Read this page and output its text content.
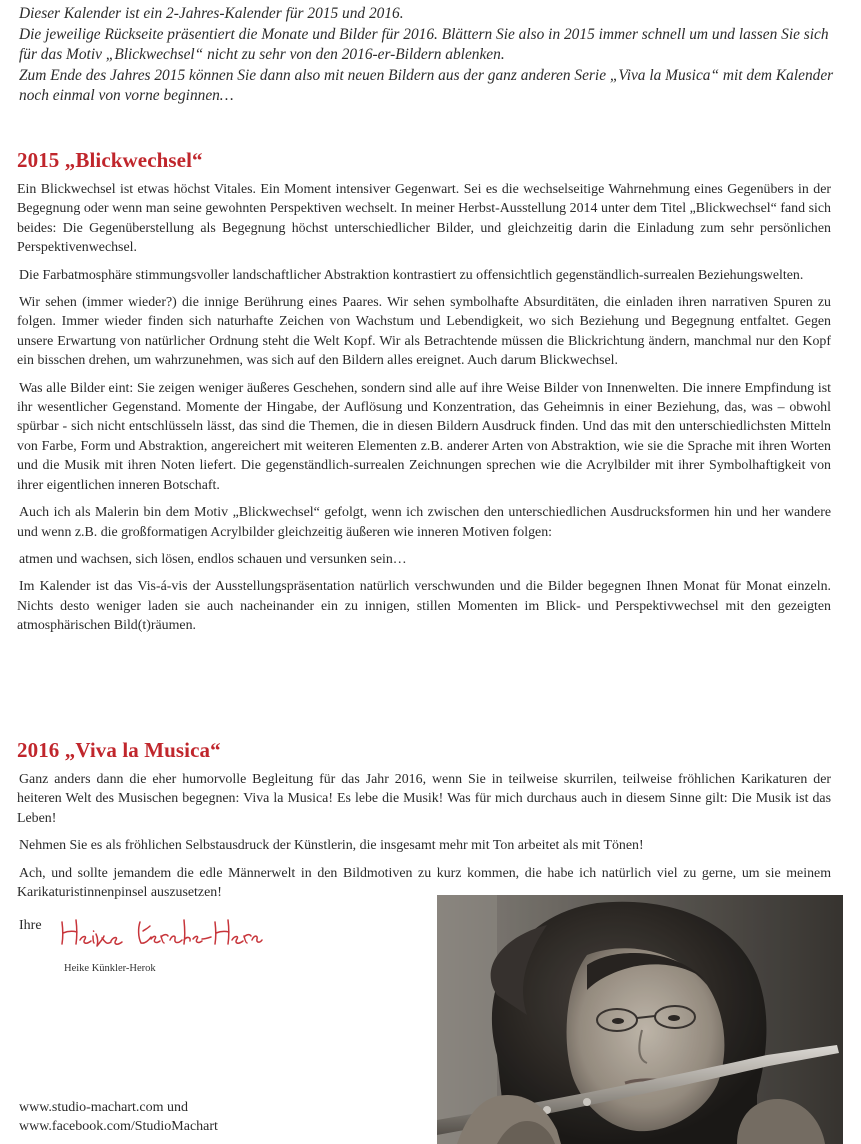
Dieser Kalender ist ein 2-Jahres-Kalender für 2015 und 2016.

Die jeweilige Rückseite präsentiert die Monate und Bilder für 2016. Blättern Sie also in 2015 immer schnell um und lassen Sie sich für das Motiv „Blickwechsel“ nicht zu sehr von den 2016-er-Bildern ablenken.

Zum Ende des Jahres 2015 können Sie dann also mit neuen Bildern aus der ganz anderen Serie „Viva la Musica“ mit dem Kalender noch einmal von vorne beginnen…

2015 „Blickwechsel“

Ein Blickwechsel ist etwas höchst Vitales. Ein Moment intensiver Gegenwart. Sei es die wechselseitige Wahrnehmung eines Gegenübers in der Begegnung oder wenn man seine gewohnten Perspektiven wechselt. In meiner Herbst-Ausstellung 2014 unter dem Titel „Blickwechsel“ fand sich beides: Die Gegenüberstellung als Begegnung höchst unterschiedlicher Bilder, und gleichzeitig darin die Einladung zum sehr persönlichen Perspektivenwechsel.

Die Farbatmosphäre stimmungsvoller landschaftlicher Abstraktion kontrastiert zu offensichtlich gegenständlich-surrealen Beziehungswelten.

Wir sehen (immer wieder?) die innige Berührung eines Paares. Wir sehen symbolhafte Absurditäten, die einladen ihren narrativen Spuren zu folgen. Immer wieder finden sich naturhafte Zeichen von Wachstum und Lebendigkeit, wo sich Beziehung und Begegnung entfaltet. Gegen unsere Erwartung von natürlicher Ordnung steht die Welt Kopf. Wir als Betrachtende müssen die Blickrichtung ändern, manchmal nur den Kopf ein bisschen drehen, um wahrzunehmen, was sich auf den Bildern alles ereignet. Auch darum Blickwechsel.

Was alle Bilder eint: Sie zeigen weniger äußeres Geschehen, sondern sind alle auf ihre Weise Bilder von Innenwelten. Die innere Empfindung ist ihr wesentlicher Gegenstand. Momente der Hingabe, der Auflösung und Konzentration, das Geheimnis in einer Beziehung, das, was – obwohl spürbar - sich nicht entschlüsseln lässt, das sind die Themen, die in diesen Bildern Ausdruck finden. Und das mit den unterschiedlichsten Mitteln von Farbe, Form und Abstraktion, angereichert mit weiteren Elementen z.B. anderer Arten von Abstraktion, wie sie die Sprache mit ihren Worten und die Musik mit ihren Noten liefert. Die gegenständlich-surrealen Zeichnungen sprechen wie die Acrylbilder mit ihrer Symbolhaftigkeit von ihrer eigentlichen inneren Botschaft.

Auch ich als Malerin bin dem Motiv „Blickwechsel“ gefolgt, wenn ich zwischen den unterschiedlichen Ausdrucksformen hin und her wandere und wenn z.B. die großformatigen Acrylbilder gleichzeitig äußeren wie inneren Motiven folgen:

atmen und wachsen, sich lösen, endlos schauen und versunken sein…

Im Kalender ist das Vis-á-vis der Ausstellungspräsentation natürlich verschwunden und die Bilder begegnen Ihnen Monat für Monat einzeln. Nichts desto weniger laden sie auch nacheinander ein zu innigen, stillen Momenten im Blick- und Perspektivwechsel mit den gezeigten atmosphärischen Bild(t)räumen.

2016 „Viva la Musica“

Ganz anders dann die eher humorvolle Begleitung für das Jahr 2016, wenn Sie in teilweise skurrilen, teilweise fröhlichen Karikaturen der heiteren Welt des Musischen begegnen: Viva la Musica! Es lebe die Musik! Was für mich durchaus auch in diesem Sinne gilt: Die Musik ist das Leben!

Nehmen Sie es als fröhlichen Selbstausdruck der Künstlerin, die insgesamt mehr mit Ton arbeitet als mit Tönen!

Ach, und sollte jemandem die edle Männerwelt in den Bildmotiven zu kurz kommen, die habe ich natürlich viel zu gerne, um sie meinem Karikaturistinnenpinsel auszusetzen!

Ihre
Heike Künkler-Herok
www.studio-machart.com und
www.facebook.com/StudioMachart
